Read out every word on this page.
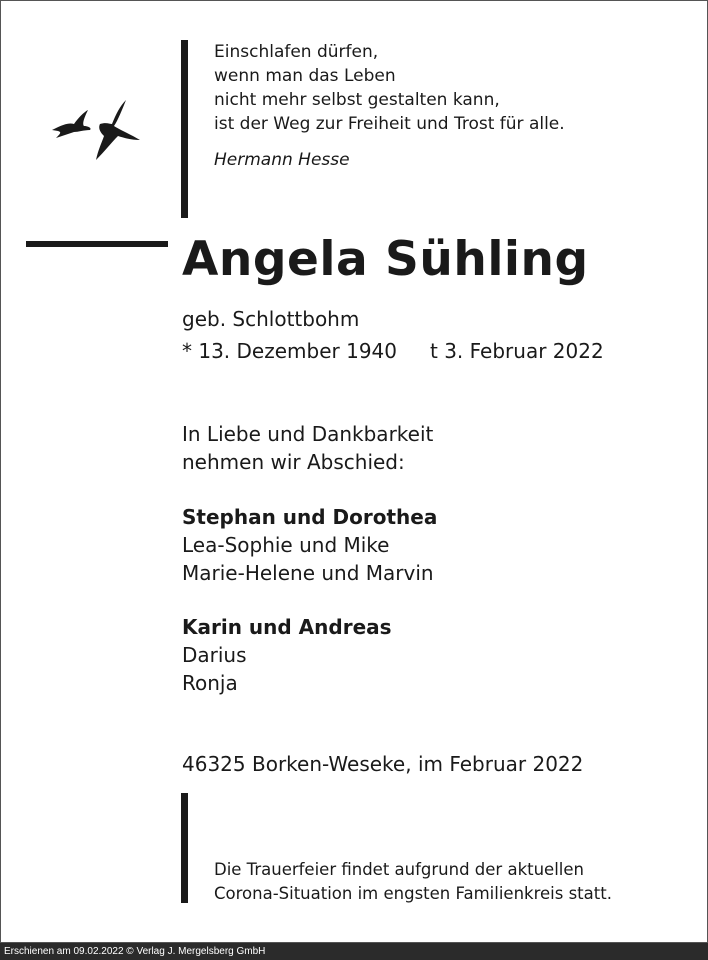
Einschlafen dürfen,
wenn man das Leben
nicht mehr selbst gestalten kann,
ist der Weg zur Freiheit und Trost für alle.
Hermann Hesse
Angela Sühling
geb. Schlottbohm
* 13. Dezember 1940 t 3. Februar 2022
In Liebe und Dankbarkeit
nehmen wir Abschied:
Stephan und Dorothea
Lea-Sophie und Mike
Marie-Helene und Marvin
Karin und Andreas
Darius
Ronja
46325 Borken-Weseke, im Februar 2022
Die Trauerfeier findet aufgrund der aktuellen
Corona-Situation im engsten Familienkreis statt.
Erschienen am 09.02.2022 © Verlag J. Mergelsberg GmbH
